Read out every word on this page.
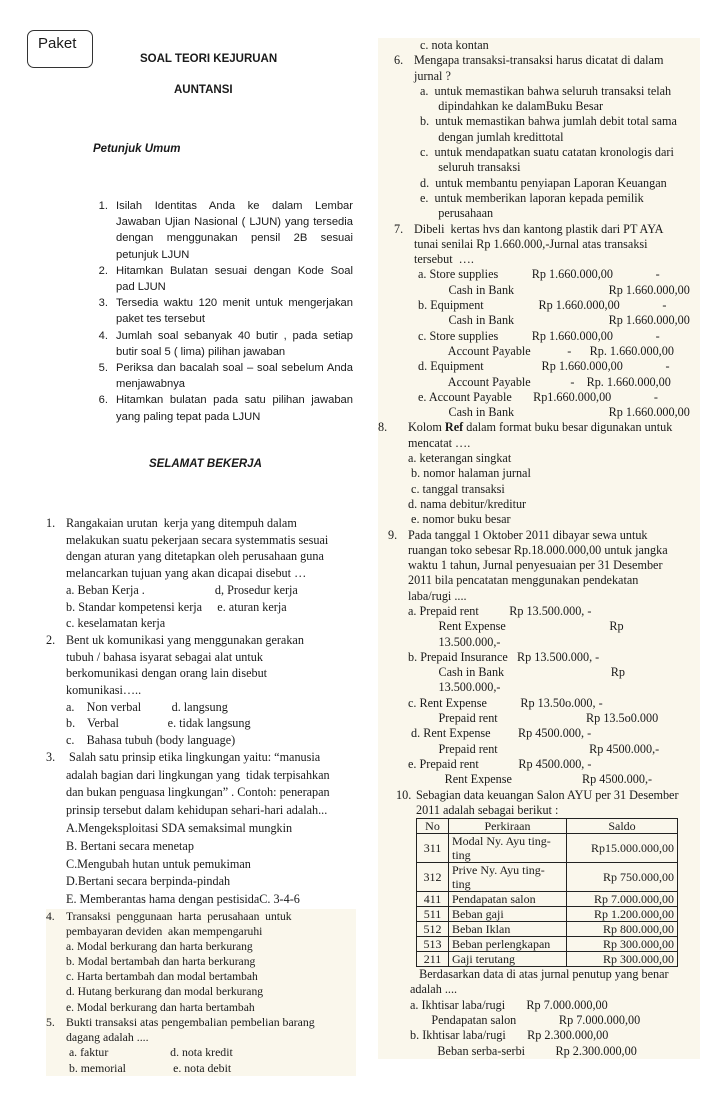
Paket
SOAL TEORI KEJURUAN
AUNTANSI
Petunjuk Umum
1. Isilah Identitas Anda ke dalam Lembar Jawaban Ujian Nasional ( LJUN) yang tersedia dengan menggunakan pensil 2B sesuai petunjuk LJUN
2. Hitamkan Bulatan sesuai dengan Kode Soal pad LJUN
3. Tersedia waktu 120 menit untuk mengerjakan paket tes tersebut
4. Jumlah soal sebanyak 40 butir , pada setiap butir soal 5 ( lima) pilihan jawaban
5. Periksa dan bacalah soal – soal sebelum Anda menjawabnya
6. Hitamkan bulatan pada satu pilihan jawaban yang paling tepat pada LJUN
SELAMAT BEKERJA
1. Rangakaian urutan  kerja yang ditempuh dalam
melakukan suatu pekerjaan secara systemmatis sesuai
dengan aturan yang ditetapkan oleh perusahaan guna
melancarkan tujuan yang akan dicapai disebut …
a. Beban Kerja .                       d, Prosedur kerja
b. Standar kompetensi kerja     e. aturan kerja
c. keselamatan kerja
2. Bent uk komunikasi yang menggunakan gerakan
tubuh / bahasa isyarat sebagai alat untuk
berkomunikasi dengan orang lain disebut
komunikasi…..
a.    Non verbal          d. langsung
b.    Verbal                e. tidak langsung
c.    Bahasa tubuh (body language)
3. Salah satu prinsip etika lingkungan yaitu: “manusia
adalah bagian dari lingkungan yang  tidak terpisahkan
dan bukan penguasa lingkungan” . Contoh: penerapan
prinsip tersebut dalam kehidupan sehari-hari adalah...
A.Mengeksploitasi SDA semaksimal mungkin
B. Bertani secara menetap
C.Mengubah hutan untuk pemukiman
D.Bertani secara berpinda-pindah
E. Memberantas hama dengan pestisidaC. 3-4-6
4. Transaksi  penggunaan  harta  perusahaan  untuk
pembayaran deviden  akan mempengaruhi
a. Modal berkurang dan harta berkurang
b. Modal bertambah dan harta berkurang
c. Harta bertambah dan modal bertambah
d. Hutang berkurang dan modal berkurang
e. Modal berkurang dan harta bertambah
5. Bukti transaksi atas pengembalian pembelian barang
dagang adalah ....
a. faktur                     d. nota kredit
b. memorial                e. nota debit
c. nota kontan
6. Mengapa transaksi-transaksi harus dicatat di dalam
jurnal ?
a.  untuk memastikan bahwa seluruh transaksi telah
dipindahkan ke dalamBuku Besar
b.  untuk memastikan bahwa jumlah debit total sama
dengan jumlah kredittotal
c.  untuk mendapatkan suatu catatan kronologis dari
seluruh transaksi
d.  untuk membantu penyiapan Laporan Keuangan
e.  untuk memberikan laporan kepada pemilik
perusahaan
7. Dibeli  kertas hvs dan kantong plastik dari PT AYA
tunai senilai Rp 1.660.000,-Jurnal atas transaksi
tersebut  ….
a. Store supplies           Rp 1.660.000,00              -
Cash in Bank                               Rp 1.660.000,00
b. Equipment                  Rp 1.660.000,00              -
Cash in Bank                               Rp 1.660.000,00
c. Store supplies           Rp 1.660.000,00              -
Account Payable            -      Rp. 1.660.000,00
d. Equipment                   Rp 1.660.000,00              -
Account Payable             -    Rp. 1.660.000,00
e. Account Payable       Rp1.660.000,00              -
Cash in Bank                               Rp 1.660.000,00
8.	Kolom Ref dalam format buku besar digunakan untuk
mencatat ….
a. keterangan singkat
b. nomor halaman jurnal
c. tanggal transaksi
d. nama debitur/kreditur
e. nomor buku besar
9. Pada tanggal 1 Oktober 2011 dibayar sewa untuk
ruangan toko sebesar Rp.18.000.000,00 untuk jangka
waktu 1 tahun, Jurnal penyesuaian per 31 Desember
2011 bila pencatatan menggunakan pendekatan
laba/rugi ....
a. Prepaid rent          Rp 13.500.000, -
Rent Expense                                  Rp
13.500.000,-
b. Prepaid Insurance   Rp 13.500.000, -
Cash in Bank                                   Rp
13.500.000,-
c. Rent Expense           Rp 13.50o.000, -
Prepaid rent                             Rp 13.5o0.000
d. Rent Expense         Rp 4500.000, -
Prepaid rent                              Rp 4500.000,-
e. Prepaid rent             Rp 4500.000, -
Rent Expense                       Rp 4500.000,-
10. Sebagian data keuangan Salon AYU per 31 Desember
2011 adalah sebagai berikut :
No	Perkiraan	Saldo
311	Modal Ny. Ayu ting-ting	Rp15.000.000,00
312	Prive Ny. Ayu ting-ting	Rp 750.000,00
411	Pendapatan salon	Rp 7.000.000,00
511	Beban gaji	Rp 1.200.000,00
512	Beban Iklan	Rp 800.000,00
513	Beban perlengkapan	Rp 300.000,00
211	Gaji terutang	Rp 300.000,00
Berdasarkan data di atas jurnal penutup yang benar
adalah ....
a. Ikhtisar laba/rugi       Rp 7.000.000,00
Pendapatan salon              Rp 7.000.000,00
b. Ikhtisar laba/rugi       Rp 2.300.000,00
Beban serba-serbi          Rp 2.300.000,00
